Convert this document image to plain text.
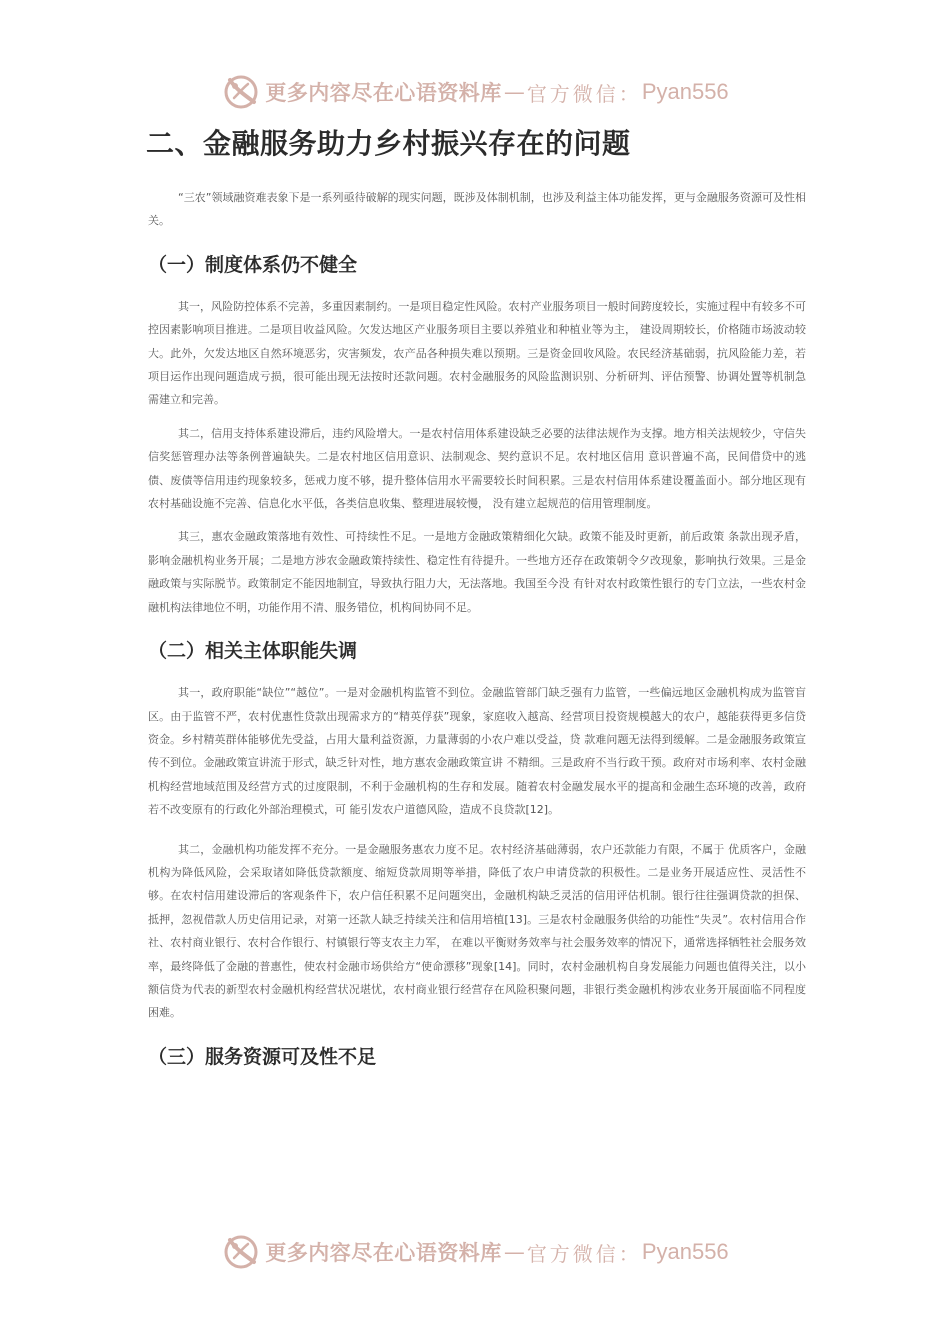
更多内容尽在心语资料库 — 官方微信： Pyan556
二、金融服务助力乡村振兴存在的问题

“三农”领域融资难表象下是一系列亟待破解的现实问题，既涉及体制机制，也涉及利益主体功能发挥，更与金融服务资源可及性相关。

（一）制度体系仍不健全

其一，风险防控体系不完善，多重因素制约。一是项目稳定性风险。农村产业服务项目一般时间跨度较长，实施过程中有较多不可控因素影响项目推进。二是项目收益风险。欠发达地区产业服务项目主要以养殖业和种植业等为主， 建设周期较长，价格随市场波动较大。此外，欠发达地区自然环境恶劣，灾害频发，农产品各种损失难以预期。三是资金回收风险。农民经济基础弱，抗风险能力差，若项目运作出现问题造成亏损，很可能出现无法按时还款问题。农村金融服务的风险监测识别、分析研判、评估预警、协调处置等机制急需建立和完善。

其二，信用支持体系建设滞后，违约风险增大。一是农村信用体系建设缺乏必要的法律法规作为支撑。地方相关法规较少，守信失信奖惩管理办法等条例普遍缺失。二是农村地区信用意识、法制观念、契约意识不足。农村地区信用 意识普遍不高，民间借贷中的逃债、废债等信用违约现象较多，惩戒力度不够，提升整体信用水平需要较长时间积累。三是农村信用体系建设覆盖面小。部分地区现有农村基础设施不完善、信息化水平低，各类信息收集、整理进展较慢， 没有建立起规范的信用管理制度。

其三，惠农金融政策落地有效性、可持续性不足。一是地方金融政策精细化欠缺。政策不能及时更新，前后政策 条款出现矛盾，影响金融机构业务开展；二是地方涉农金融政策持续性、稳定性有待提升。一些地方还存在政策朝令夕改现象，影响执行效果。三是金融政策与实际脱节。政策制定不能因地制宜，导致执行阻力大，无法落地。我国至今没 有针对农村政策性银行的专门立法，一些农村金融机构法律地位不明，功能作用不清、服务错位，机构间协同不足。

（二）相关主体职能失调

其一，政府职能“缺位”“越位”。一是对金融机构监管不到位。金融监管部门缺乏强有力监管，一些偏远地区金融机构成为监管盲区。由于监管不严，农村优惠性贷款出现需求方的“精英俘获”现象，家庭收入越高、经营项目投资规模越大的农户，越能获得更多信贷资金。乡村精英群体能够优先受益，占用大量利益资源，力量薄弱的小农户难以受益，贷 款难问题无法得到缓解。二是金融服务政策宣传不到位。金融政策宣讲流于形式，缺乏针对性，地方惠农金融政策宣讲 不精细。三是政府不当行政干预。政府对市场利率、农村金融机构经营地域范围及经营方式的过度限制，不利于金融机构的生存和发展。随着农村金融发展水平的提高和金融生态环境的改善，政府若不改变原有的行政化外部治理模式，可 能引发农户道德风险，造成不良贷款[12]。

其二，金融机构功能发挥不充分。一是金融服务惠农力度不足。农村经济基础薄弱，农户还款能力有限，不属于 优质客户，金融机构为降低风险，会采取诸如降低贷款额度、缩短贷款周期等举措，降低了农户申请贷款的积极性。二是业务开展适应性、灵活性不够。在农村信用建设滞后的客观条件下，农户信任积累不足问题突出，金融机构缺乏灵活的信用评估机制。银行往往强调贷款的担保、抵押，忽视借款人历史信用记录，对第一还款人缺乏持续关注和信用培植[13]。三是农村金融服务供给的功能性“失灵”。农村信用合作社、农村商业银行、农村合作银行、村镇银行等支农主力军， 在难以平衡财务效率与社会服务效率的情况下，通常选择牺牲社会服务效率，最终降低了金融的普惠性，使农村金融市场供给方“使命漂移”现象[14]。同时，农村金融机构自身发展能力问题也值得关注，以小额信贷为代表的新型农村金融机构经营状况堪忧，农村商业银行经营存在风险积聚问题，非银行类金融机构涉农业务开展面临不同程度困难。

（三）服务资源可及性不足
更多内容尽在心语资料库 — 官方微信： Pyan556
